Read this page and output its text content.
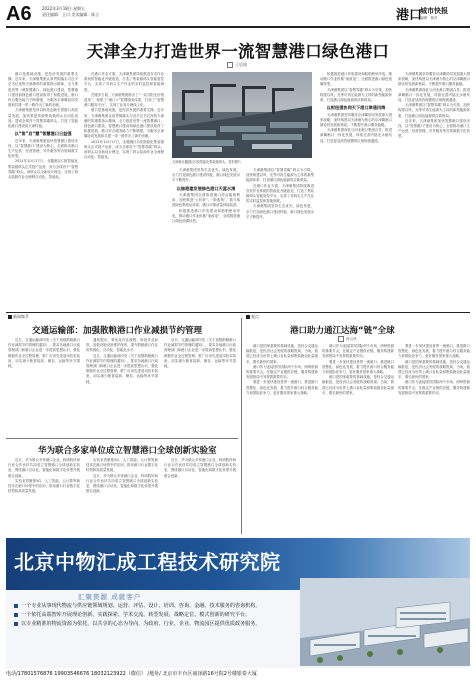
A6	2022年3月18日 星期五
责任编辑：王川 美术编辑：陈立	港口
城市快报
编辑 · 校对
天津全力打造世界一流智慧港口绿色港口
王思瑜

港口是基础设施，是经济发展的重要支撑。近年来，天津港集团认真贯彻落实习近平总书记视察天津港时的重要指示精神，全力推进世界一流智慧港口、绿色港口建设，智慧港口建设和绿色港口建设取得了积极进展，港口综合服务能力不断增强，为服务京津冀协同发展和共建一带一路作出了新的贡献。

天津港集团坚持以科技创新引领港口高质量发展，加快推进传统集装箱码头自动化改造，建成全球首个智慧零碳码头，打造了智能化港口建设的天津样板。

以“智”启“慧”智慧港口日益强

近年来，天津港集团加快智慧港口建设步伐，以“智慧港口”建设为核心，全面推动港口生产运营、经营管理、对外服务等各领域数字化转型。

2021年10月17日，北疆港区C段智能化集装箱码头正式投产运营，成为全球首个“智慧零碳”码头。该码头以全新设计理念，实现了码头装卸作业全流程自动化、智能化。

在港口作业方面，天津港集团持续推进各类作业系统的智能化升级改造，打造了集装箱码头智能管控平台，实现了对码头生产作业的实时监控和智能调度。

在服务方面，天津港集团推出了“一站式阳光价格清单”，构建了“港口+”智慧服务体系，打造了“智慧港口服务平台”，实现了业务办理线上化。

港口是基础设施，是经济发展的重要支撑。近年来，天津港集团认真贯彻落实习近平总书记视察天津港时的重要指示精神，全力推进世界一流智慧港口、绿色港口建设，智慧港口建设和绿色港口建设取得了积极进展，港口综合服务能力不断增强，为服务京津冀协同发展和共建一带一路作出了新的贡献。

2021年10月17日，北疆港区C段智能化集装箱码头正式投产运营，成为全球首个“智慧零碳”码头。该码头以全新设计理念，实现了码头装卸作业全流程自动化、智能化。

天津港北疆港区C段智能化集装箱码头。资料图片

天津港集团坚持生态优先、绿色发展，全力打造绿色港口建设样板，港口绿色发展水平不断提升。

以绿港建发展绿色港口天蓝水清

天津港集团全面推进港口清洁能源利用，加快推进“公转铁”、“散改集”，着力构建绿色集疏运体系，港口环境质量持续改善。

积极推进港口岸电建设和船舶使用岸电，推动港口作业机械“油改电”，全面推进港口绿色低碳转型。

天津港集团以“智慧零碳”码头为引领，加快构建以风、光等可再生能源为主体的新型能源体系，打造港口绿色能源供应新格局。

在港口作业方面，天津港集团持续推进各类作业系统的智能化升级改造，打造了集装箱码头智能管控平台，实现了对码头生产作业的实时监控和智能调度。

天津港集团坚持生态优先、绿色发展，全力打造绿色港口建设样板，港口绿色发展水平不断提升。

积极推进港口岸电建设和船舶使用岸电，推动港口作业机械“油改电”，全面推进港口绿色低碳转型。

天津港集团以“智慧零碳”码头为引领，加快构建以风、光等可再生能源为主体的新型能源体系，打造港口绿色能源供应新格局。

以枢纽强协同天下港口津通四海

天津港集团坚持服务京津冀协同发展重大国家战略，加快构建以天津港为核心的京津冀港口群协同发展新格局，不断提升港口服务能级。

天津港集团深化与河北港口集团合作，推进津冀港口一体化发展，持续完善内陆无水港布局，打造更加高效便捷的区域物流通道。

天津港集团坚持服务京津冀协同发展重大国家战略，加快构建以天津港为核心的京津冀港口群协同发展新格局，不断提升港口服务能级。

天津港集团深化与河北港口集团合作，推进津冀港口一体化发展，持续完善内陆无水港布局，打造更加高效便捷的区域物流通道。

天津港集团以“智慧零碳”码头为引领，加快构建以风、光等可再生能源为主体的新型能源体系，打造港口绿色能源供应新格局。

近年来，天津港集团加快智慧港口建设步伐，以“智慧港口”建设为核心，全面推动港口生产运营、经营管理、对外服务等各领域数字化转型。

新闻集萃	观点
交通运输部：加强散粮港口作业减损节约管理

近日，交通运输部印发《关于加强散粮港口作业减损节约管理的通知》，要求各地港口行政管理部门和港口企业进一步提高思想认识，强化散粮作业全过程管理，推广应用先进适用技术装备，切实减少粮食装卸、储存、运输等环节损耗。

通知提出，要优化作业流程，规范作业标准，加强设施设备维护保养，提升散粮港口作业的机械化、自动化、智能化水平。

近日，交通运输部印发《关于加强散粮港口作业减损节约管理的通知》，要求各地港口行政管理部门和港口企业进一步提高思想认识，强化散粮作业全过程管理，推广应用先进适用技术装备，切实减少粮食装卸、储存、运输等环节损耗。

近日，交通运输部印发《关于加强散粮港口作业减损节约管理的通知》，要求各地港口行政管理部门和港口企业进一步提高思想认识，强化散粮作业全过程管理，推广应用先进适用技术装备，切实减少粮食装卸、储存、运输等环节损耗。

华为联合多家单位成立智慧港口全球创新实验室

近日，华为联合多家港口企业、科研院所和行业合作伙伴共同成立智慧港口全球创新实验室，围绕港口自动化、智能化和数字化转型开展联合创新。

实验室将聚焦5G、人工智能、云计算等新技术在港口场景中的应用，推动港口行业数字化转型和高质量发展。

实验室将聚焦5G、人工智能、云计算等新技术在港口场景中的应用，推动港口行业数字化转型和高质量发展。

近日，华为联合多家港口企业、科研院所和行业合作伙伴共同成立智慧港口全球创新实验室，围绕港口自动化、智能化和数字化转型开展联合创新。

近日，华为联合多家港口企业、科研院所和行业合作伙伴共同成立智慧港口全球创新实验室，围绕港口自动化、智能化和数字化转型开展联合创新。

港口助力通江达海“链”全球
徐云风

港口是国家重要的基础设施，是综合交通运输枢纽，是经济社会发展的战略资源。当前，我国已经成为世界上港口吞吐量和集装箱吞吐量最多、增长最快的国家。

港口作为连接国内国际两个市场、两种资源的重要节点，在稳定产业链供应链、服务构建新发展格局中发挥着重要作用。

要进一步加快建设世界一流港口，推进港口智慧化、绿色化发展，着力提升港口综合服务能力和国际竞争力，更好服务国家重大战略。

港口作为连接国内国际两个市场、两种资源的重要节点，在稳定产业链供应链、服务构建新发展格局中发挥着重要作用。

要进一步加快建设世界一流港口，推进港口智慧化、绿色化发展，着力提升港口综合服务能力和国际竞争力，更好服务国家重大战略。

港口是国家重要的基础设施，是综合交通运输枢纽，是经济社会发展的战略资源。当前，我国已经成为世界上港口吞吐量和集装箱吞吐量最多、增长最快的国家。

要进一步加快建设世界一流港口，推进港口智慧化、绿色化发展，着力提升港口综合服务能力和国际竞争力，更好服务国家重大战略。

港口是国家重要的基础设施，是综合交通运输枢纽，是经济社会发展的战略资源。当前，我国已经成为世界上港口吞吐量和集装箱吞吐量最多、增长最快的国家。

港口作为连接国内国际两个市场、两种资源的重要节点，在稳定产业链供应链、服务构建新发展格局中发挥着重要作用。

北京中物汇成工程技术研究院
汇聚资源 成就客户
一个专业从事现代物流与供应链领域规划、运营、评估、设计、培训、咨询、金融、技术服务的咨询机构。
一个依托高端智库开展理论创新、实践探索、学术交流、转型发展、战略定位、模式创新的研究平台。
以专业精准的物流资源为依托，以共享的心态为导向，为政府、行业、企业、物流园区提供优质政务服务。
电话/17801576876 19903546676 18032123922（微信） /地址/ 北京市丰台区丽泽路16号院2号楼银泰大厦
